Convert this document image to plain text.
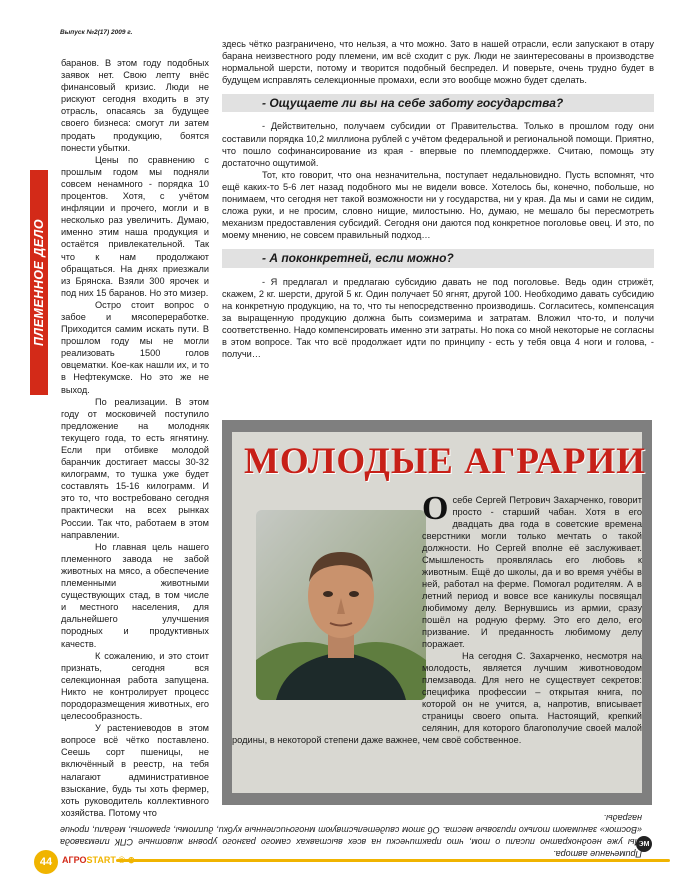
Выпуск №2(17) 2009 г.
ПЛЕМЕННОЕ ДЕЛО

баранов. В этом году подобных заявок нет. Свою лепту внёс финансовый кризис. Люди не рискуют сегодня входить в эту отрасль, опасаясь за будущее своего бизнеса: смогут ли затем продать продукцию, боятся понести убытки.

Цены по сравнению с прошлым годом мы подняли совсем ненамного - порядка 10 процентов. Хотя, с учётом инфляции и прочего, могли и в несколько раз увеличить. Думаю, именно этим наша продукция и остаётся привлекательной. Так что к нам продолжают обращаться. На днях приезжали из Брянска. Взяли 300 ярочек и под них 15 баранов. Но это мизер.

Остро стоит вопрос о забое и мясопереработке. Приходится самим искать пути. В прошлом году мы не могли реализовать 1500 голов овцематки. Кое-как нашли их, и то в Нефтекумске. Но это же не выход.

По реализации. В этом году от московичей поступило предложение на молодняк текущего года, то есть ягнятину. Если при отбивке молодой баранчик достигает массы 30-32 килограмм, то тушка уже будет составлять 15-16 килограмм. И это то, что востребовано сегодня практически на всех рынках России. Так что, работаем в этом направлении.

Но главная цель нашего племенного завода не забой животных на мясо, а обеспечение племенными животными существующих стад, в том числе и местного населения, для дальнейшего улучшения породных и продуктивных качеств.

К сожалению, и это стоит признать, сегодня вся селекционная работа запущена. Никто не контролирует процесс породоразмещения животных, его целесообразность.

У растениеводов в этом вопросе всё чётко поставлено. Сеешь сорт пшеницы, не включённый в реестр, на тебя налагают административное взыскание, будь ты хоть фермер, хоть руководитель коллективного хозяйства. Потому что

здесь чётко разграничено, что нельзя, а что можно. Зато в нашей отрасли, если запускают в отару барана неизвестного роду племени, им всё сходит с рук. Люди не заинтересованы в производстве нормальной шерсти, потому и творится подобный беспредел. И поверьте, очень трудно будет в будущем исправлять селекционные промахи, если это вообще можно будет сделать.

- Ощущаете ли вы на себе заботу государства?

- Действительно, получаем субсидии от Правительства. Только в прошлом году они составили порядка 10,2 миллиона рублей с учётом федеральной и региональной помощи. Приятно, что пошло софинансирование из края - впервые по племподдержке. Считаю, помощь эту достаточно ощутимой.

Тот, кто говорит, что она незначительна, поступает недальновидно. Пусть вспомнят, что ещё каких-то 5-6 лет назад подобного мы не видели вовсе. Хотелось бы, конечно, побольше, но понимаем, что сегодня нет такой возможности ни у государства, ни у края. Да мы и сами не сидим, сложа руки, и не просим, словно нищие, милостыню. Но, думаю, не мешало бы пересмотреть механизм предоставления субсидий. Сегодня они даются под конкретное поголовье овец. И это, по моему мнению, не совсем правильный подход…

- А поконкретней, если можно?

- Я предлагал и предлагаю субсидию давать не под поголовье. Ведь один стрижёт, скажем, 2 кг. шерсти, другой 5 кг. Один получает 50 ягнят, другой 100. Необходимо давать субсидию на конкретную продукцию, на то, что ты непосредственно производишь. Согласитесь, компенсация за выращенную продукцию должна быть соизмерима и затратам. Вложил что-то, и получи соответственно. Надо компенсировать именно эти затраты. Но пока со мной некоторые не согласны в этом вопросе. Так что всё продолжает идти по принципу - есть у тебя овца 4 ноги и голова, - получи…

МОЛОДЫЕ АГРАРИИ
О себе Сергей Петрович Захарченко, говорит просто - старший чабан. Хотя в его двадцать два года в советские времена сверстники могли только мечтать о такой должности. Но Сергей вполне её заслуживает. Смышленость проявлялась его любовь к животным. Ещё до школы, да и во время учёбы в ней, работал на ферме. Помогал родителям. А в летний период и вовсе все каникулы посвящал любимому делу. Вернувшись из армии, сразу пошёл на родную ферму. Это его дело, его призвание. И преданность любимому делу поражает.

На сегодня С. Захарченко, несмотря на молодость, является лучшим животноводом племзавода. Для него не существует секретов: специфика профессии – открытая книга, по которой он не учится, а, напротив, вписывает страницы своего опыта. Настоящий, крепкий селянин, для которого благополучие своей малой родины, в некоторой степени даже важнее, чем своё собственное.

ЭМ

Примечание автора.

Мы уже неоднократно писали о том, что практически на всех выставках самого разного уровня животные СПК племзавода «Восток» занимают только призовые места. Об этом свидетельствуют многочисленные кубки, дипломы, грамоты, медали, прочие награды.

44	АГРОSTART
